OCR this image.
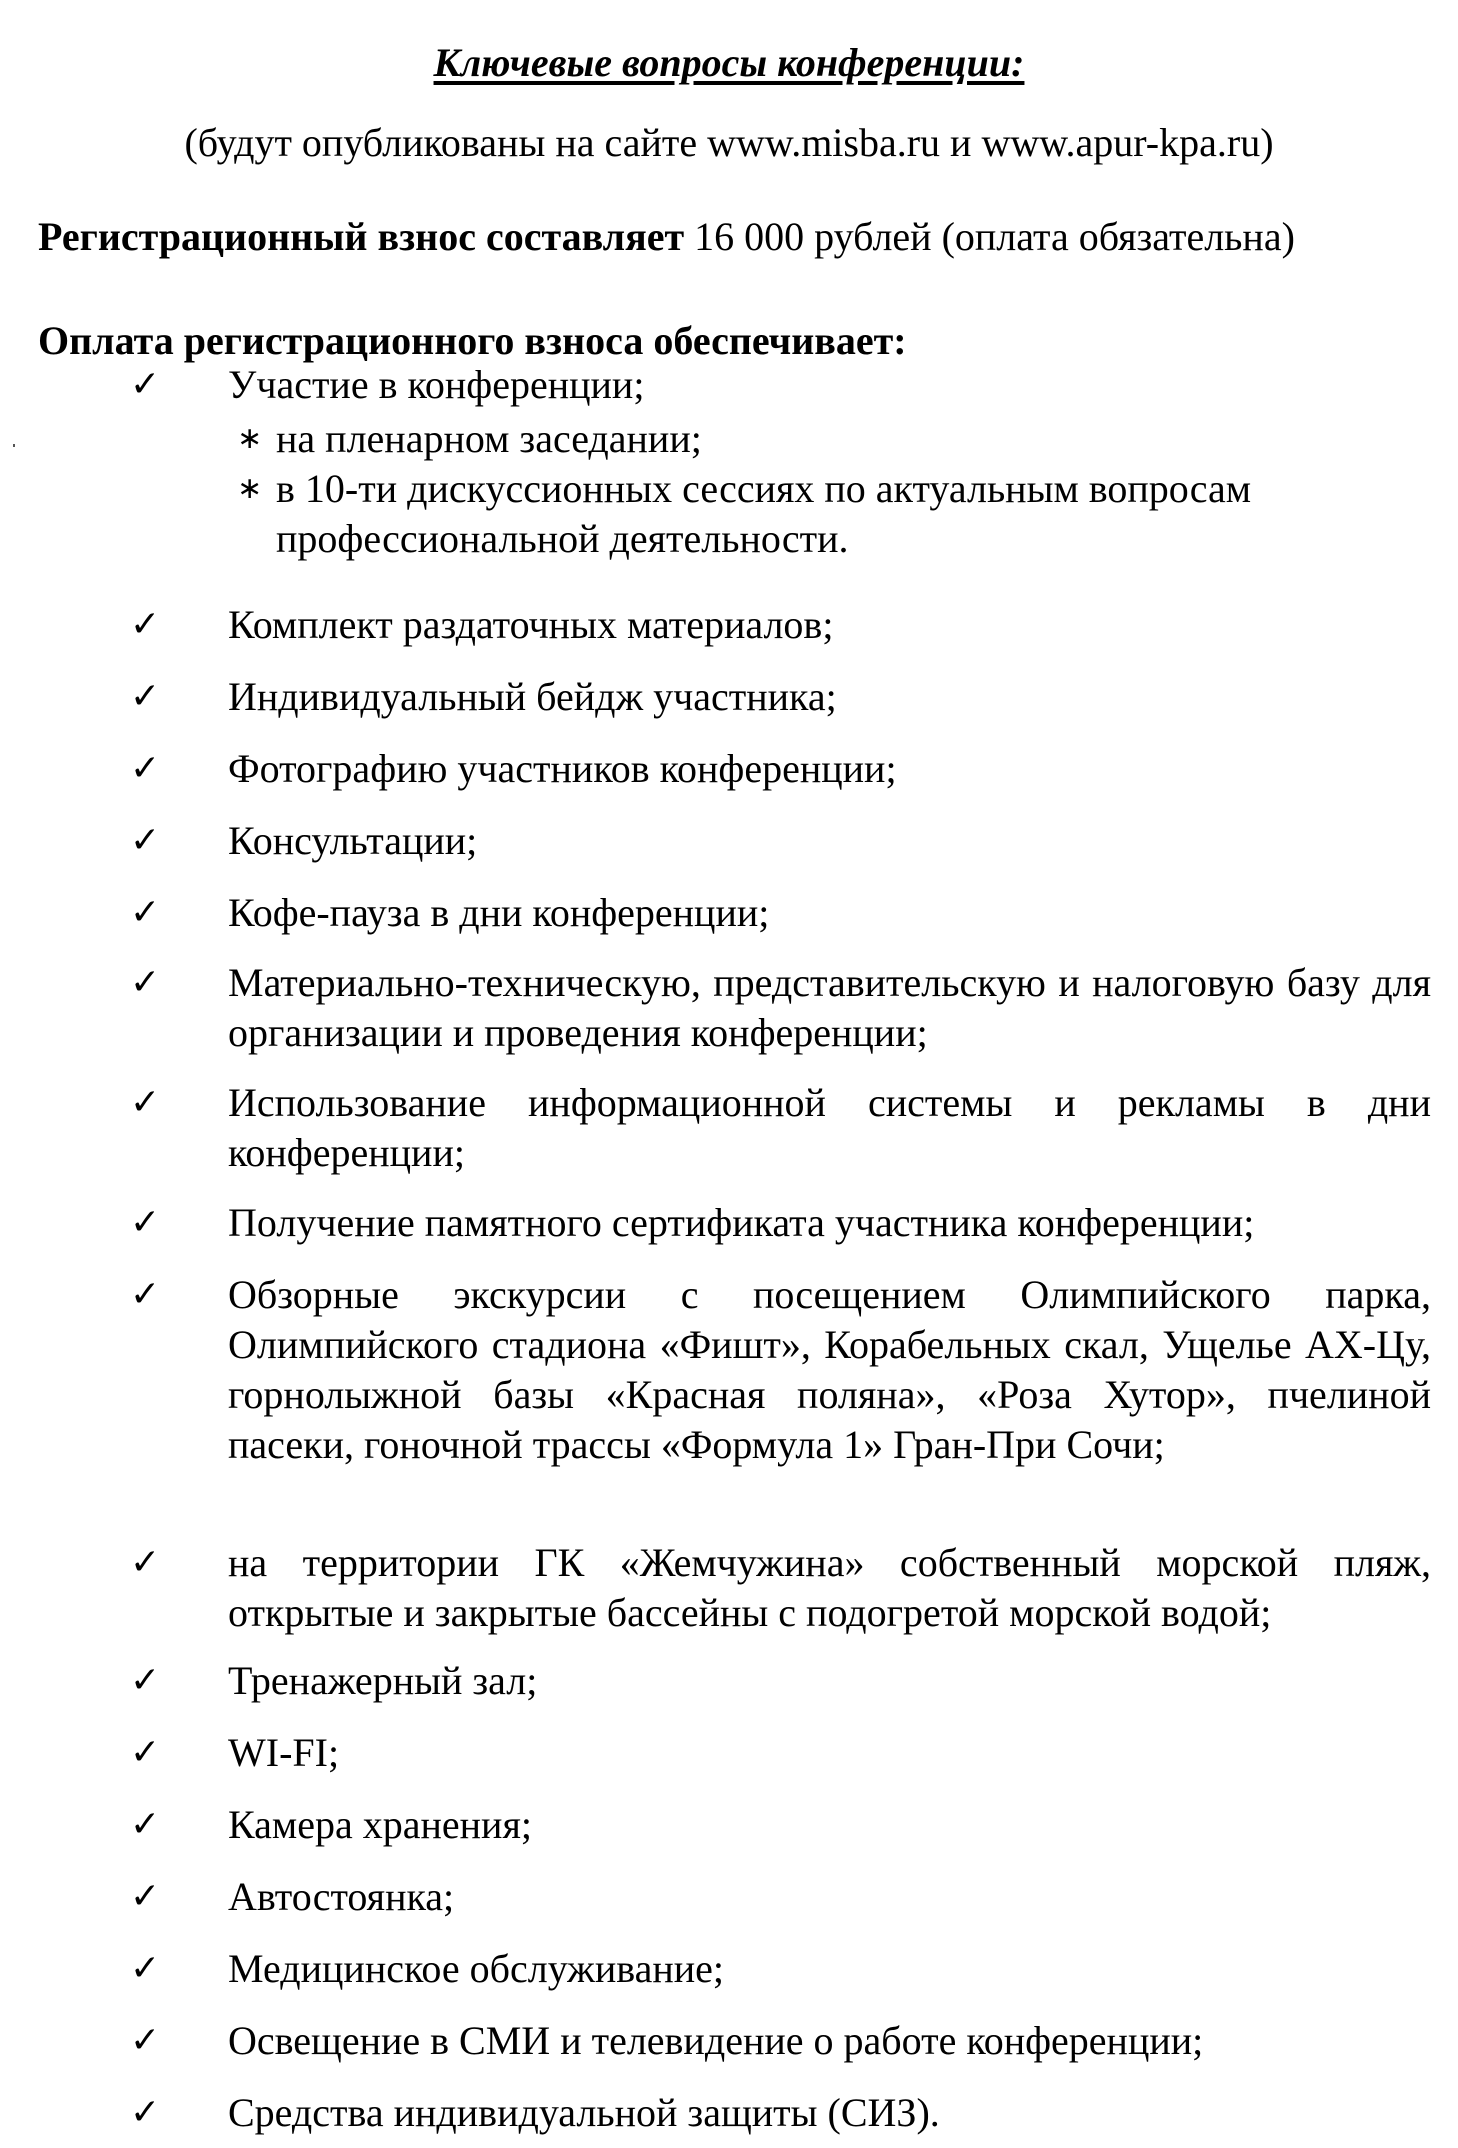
Ключевые вопросы конференции:
(будут опубликованы на сайте www.misba.ru и www.apur-kpa.ru)
Регистрационный взнос составляет 16 000 рублей (оплата обязательна)
Оплата регистрационного взноса обеспечивает:
✓ Участие в конференции;
∗ на пленарном заседании;
∗ в 10-ти дискуссионных сессиях по актуальным вопросам профессиональной деятельности.
✓ Комплект раздаточных материалов;
✓ Индивидуальный бейдж участника;
✓ Фотографию участников конференции;
✓ Консультации;
✓ Кофе-пауза в дни конференции;
✓ Материально-техническую, представительскую и налоговую базу для организации и проведения конференции;
✓ Использование информационной системы и рекламы в дни конференции;
✓ Получение памятного сертификата участника конференции;
✓ Обзорные экскурсии с посещением Олимпийского парка, Олимпийского стадиона «Фишт», Корабельных скал, Ущелье АХ-Цу, горнолыжной базы «Красная поляна», «Роза Хутор», пчелиной пасеки, гоночной трассы «Формула 1» Гран-При Сочи;
✓ на территории ГК «Жемчужина» собственный морской пляж, открытые и закрытые бассейны с подогретой морской водой;
✓ Тренажерный зал;
✓ WI-FI;
✓ Камера хранения;
✓ Автостоянка;
✓ Медицинское обслуживание;
✓ Освещение в СМИ и телевидение о работе конференции;
✓ Средства индивидуальной защиты (СИЗ).
